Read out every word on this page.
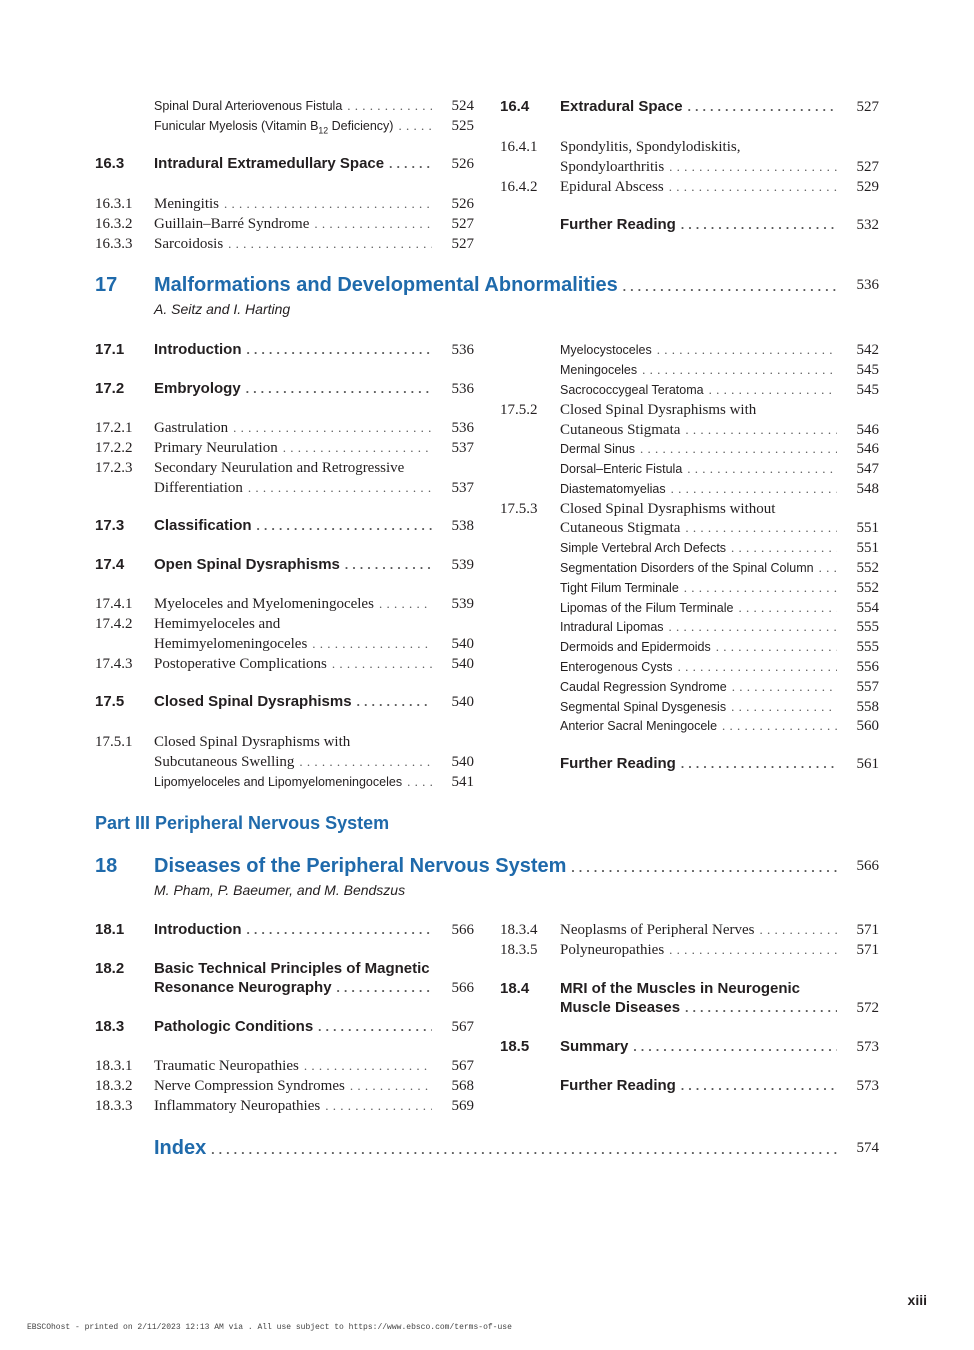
Spinal Dural Arteriovenous Fistula . . .	524
Funicular Myelosis (Vitamin $B_{12}$ Deficiency) . . .	525
16.3 Intradural Extramedullary Space . . .	526
16.3.1 Meningitis . . .	526
16.3.2 Guillain–Barré Syndrome . . .	527
16.3.3 Sarcoidosis . . .	527
16.4 Extradural Space . . .	527
16.4.1 Spondylitis, Spondylodiskitis,
Spondyloarthritis . . .	527
16.4.2 Epidural Abscess . . .	529
Further Reading . . .	532
17 Malformations and Developmental Abnormalities . . .	536
A. Seitz and I. Harting
17.1 Introduction . . .	536
17.2 Embryology . . .	536
17.2.1 Gastrulation . . .	536
17.2.2 Primary Neurulation . . .	537
17.2.3 Secondary Neurulation and Retrogressive
Differentiation . . .	537
17.3 Classification . . .	538
17.4 Open Spinal Dysraphisms . . .	539
17.4.1 Myeloceles and Myelomeningoceles . . .	539
17.4.2 Hemimyeloceles and
Hemimyelomeningoceles . . .	540
17.4.3 Postoperative Complications . . .	540
17.5 Closed Spinal Dysraphisms . . .	540
17.5.1 Closed Spinal Dysraphisms with
Subcutaneous Swelling . . .	540
Lipomyeloceles and Lipomyelomeningoceles . . .	541
Myelocystoceles . . .	542
Meningoceles . . .	545
Sacrococcygeal Teratoma . . .	545
17.5.2 Closed Spinal Dysraphisms with
Cutaneous Stigmata . . .	546
Dermal Sinus . . .	546
Dorsal–Enteric Fistula . . .	547
Diastematomyelias . . .	548
17.5.3 Closed Spinal Dysraphisms without
Cutaneous Stigmata . . .	551
Simple Vertebral Arch Defects . . .	551
Segmentation Disorders of the Spinal Column . . .	552
Tight Filum Terminale . . .	552
Lipomas of the Filum Terminale . . .	554
Intradural Lipomas . . .	555
Dermoids and Epidermoids . . .	555
Enterogenous Cysts . . .	556
Caudal Regression Syndrome . . .	557
Segmental Spinal Dysgenesis . . .	558
Anterior Sacral Meningocele . . .	560
Further Reading . . .	561
Part III Peripheral Nervous System
18 Diseases of the Peripheral Nervous System . . .	566
M. Pham, P. Baeumer, and M. Bendszus
18.1 Introduction . . .	566
18.2 Basic Technical Principles of Magnetic
Resonance Neurography . . .	566
18.3 Pathologic Conditions . . .	567
18.3.1 Traumatic Neuropathies . . .	567
18.3.2 Nerve Compression Syndromes . . .	568
18.3.3 Inflammatory Neuropathies . . .	569
18.3.4 Neoplasms of Peripheral Nerves . . .	571
18.3.5 Polyneuropathies . . .	571
18.4 MRI of the Muscles in Neurogenic
Muscle Diseases . . .	572
18.5 Summary . . .	573
Further Reading . . .	573
Index . . .	574
xiii
EBSCOhost - printed on 2/11/2023 12:13 AM via . All use subject to https://www.ebsco.com/terms-of-use
